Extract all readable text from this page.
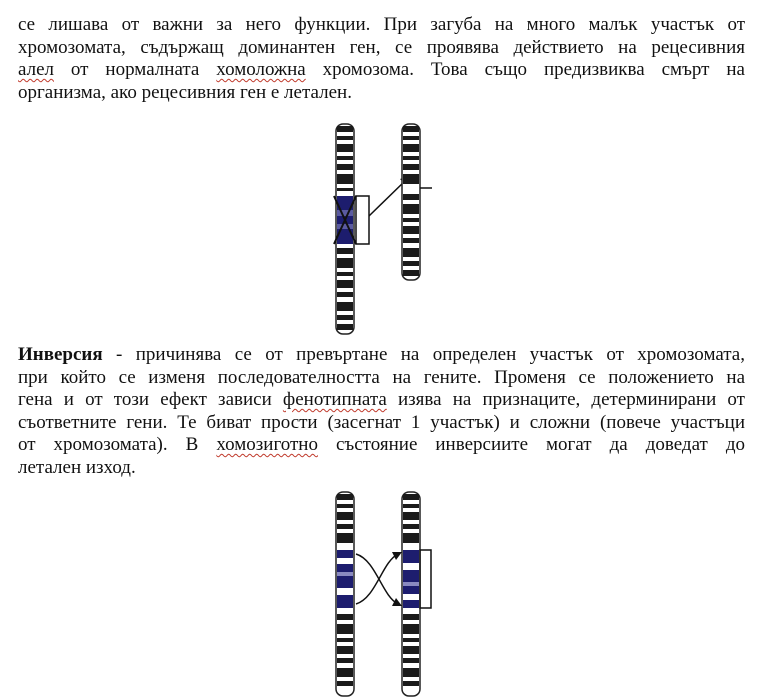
се лишава от важни за него функции. При загуба на много малък участък от
хромозомата, съдържащ доминантен ген, се проявява действието на рецесивния
алел от нормалната хомоложна хромозома. Това също предизвиква смърт на
организма, ако рецесивния ген е летален.
Инверсия - причинява се от превъртане на определен участък от хромозомата,
при който се изменя последователността на гените. Променя се положението на
гена и от този ефект зависи фенотипната изява на признаците, детерминирани от
съответните гени. Те биват прости (засегнат 1 участък) и сложни (повече участъци
от хромозомата). В хомозиготно състояние инверсиите могат да доведат до
летален изход.
